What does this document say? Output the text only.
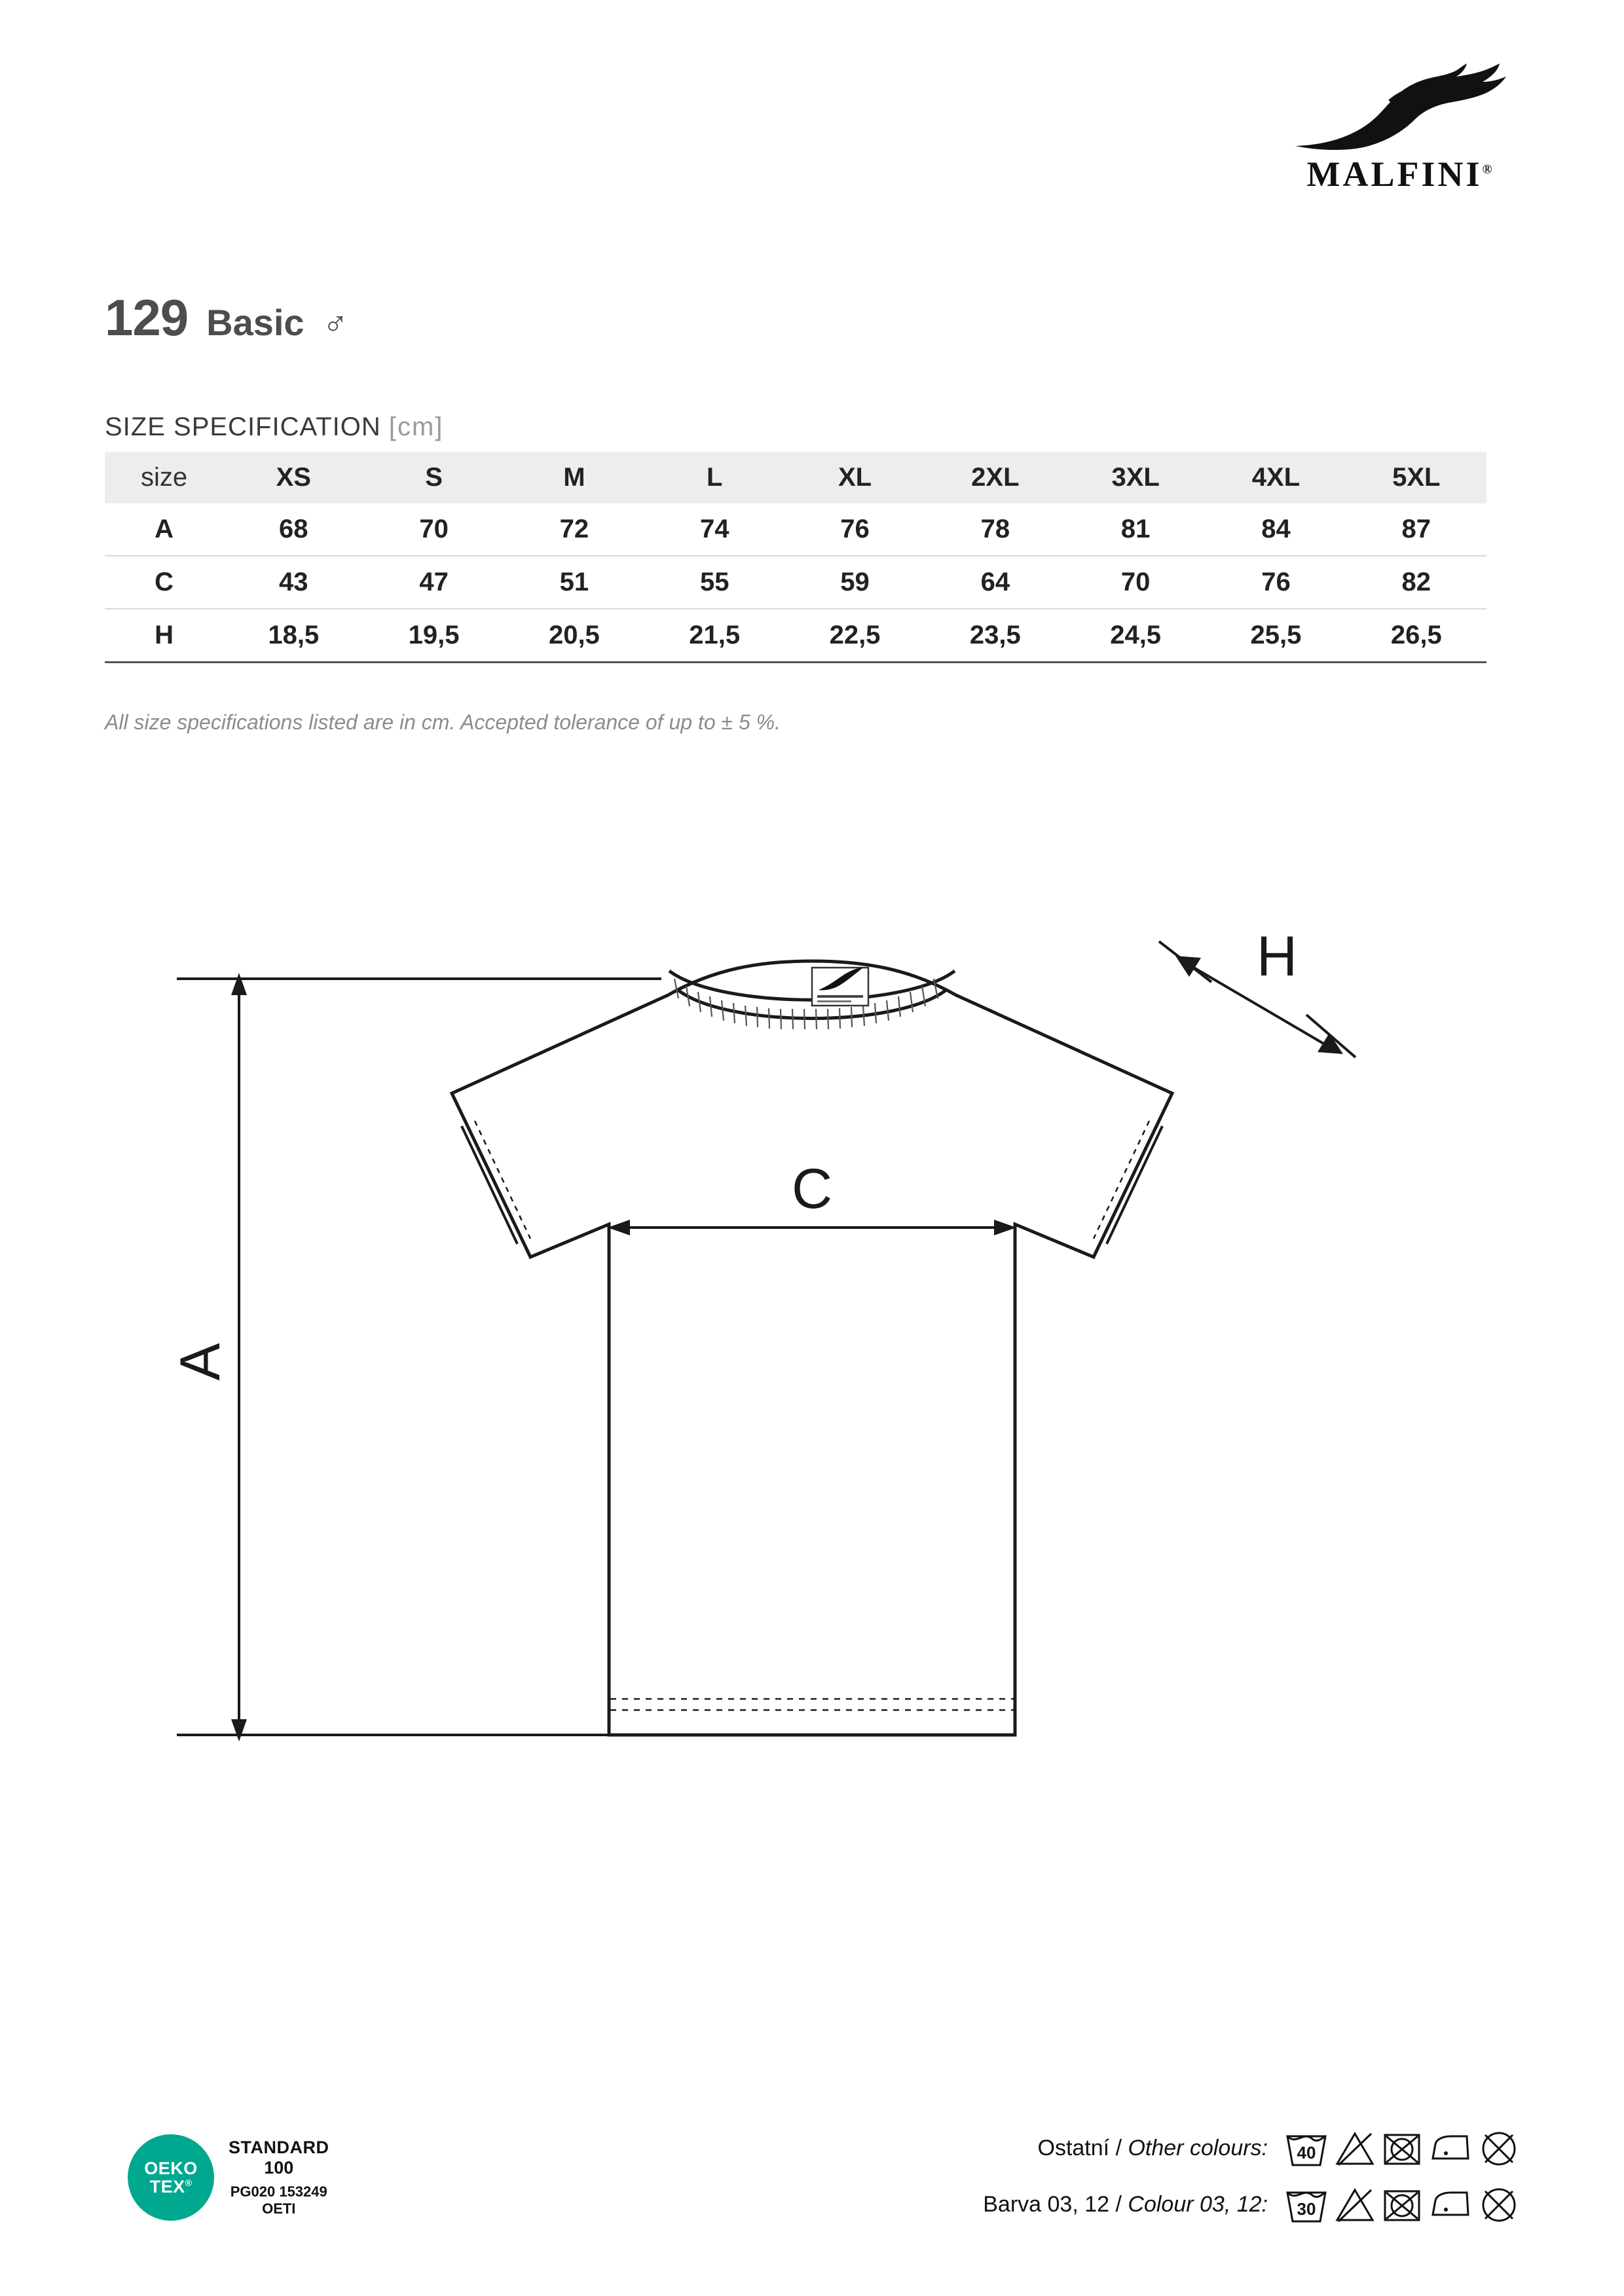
MALFINI®
129 Basic ♂
SIZE SPECIFICATION [cm]
size	XS	S	M	L	XL	2XL	3XL	4XL	5XL
A	68	70	72	74	76	78	81	84	87
C	43	47	51	55	59	64	70	76	82
H	18,5	19,5	20,5	21,5	22,5	23,5	24,5	25,5	26,5
All size specifications listed are in cm. Accepted tolerance of up to ± 5 %.
A
C
H
OEKO
TEX®
STANDARD
100
PG020 153249
OETI
Ostatní / Other colours: 40
Barva 03, 12 / Colour 03, 12: 30
